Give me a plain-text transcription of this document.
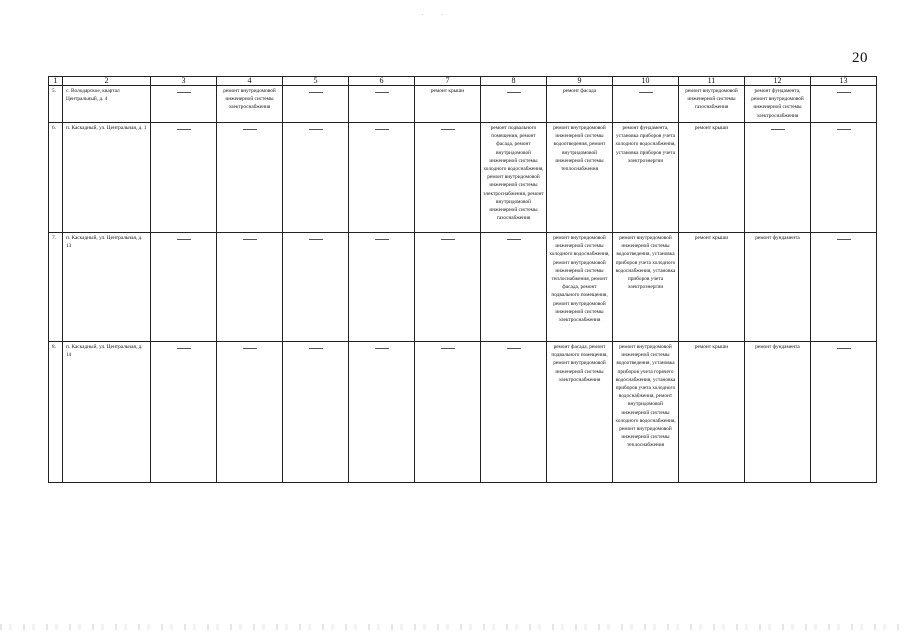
20
1	2	3	4	5	6	7	8	9	10	11	12	13
5.	с. Володарское, квартал Центральный, д. 4		ремонт внутридомовой инженерной системы электроснабжения			ремонт крыши		ремонт фасада		ремонт внутридомовой инженерной системы газоснабжения	ремонт фундамента, ремонт внутридомовой инженерной системы электроснабжения	

6.	п. Каскадный, ул. Центральная, д. 1						ремонт подвального помещения, ремонт фасада, ремонт внутридомовой инженерной системы холодного водоснабжения, ремонт внутридомовой инженерной системы электроснабжения, ремонт внутридомовой инженерной системы газоснабжения	ремонт внутридомовой инженерной системы водоотведения, ремонт внутридомовой инженерной системы теплоснабжения	ремонт фундамента, установка приборов учета холодного водоснабжения, установка приборов учета электроэнергии	ремонт крыши	

7.	п. Каскадный, ул. Центральная, д. 13							ремонт внутридомовой инженерной системы холодного водоснабжения, ремонт внутридомовой инженерной системы теплоснабжения, ремонт фасада, ремонт подвального помещения, ремонт внутридомовой инженерной системы электроснабжения	ремонт внутридомовой инженерной системы водоотведения, установка приборов учета холодного водоснабжения, установка приборов учета электроэнергии	ремонт крыши	ремонт фундамента	

8.	п. Каскадный, ул. Центральная, д. 14							ремонт фасада, ремонт подвального помещения, ремонт внутридомовой инженерной системы электроснабжения	ремонт внутридомовой инженерной системы водоотведения, установка приборов учета горячего водоснабжения, установка приборов учета холодного водоснабжения, ремонт внутридомовой инженерной системы холодного водоснабжения, ремонт внутридомовой инженерной системы теплоснабжения	ремонт крыши	ремонт фундамента	
